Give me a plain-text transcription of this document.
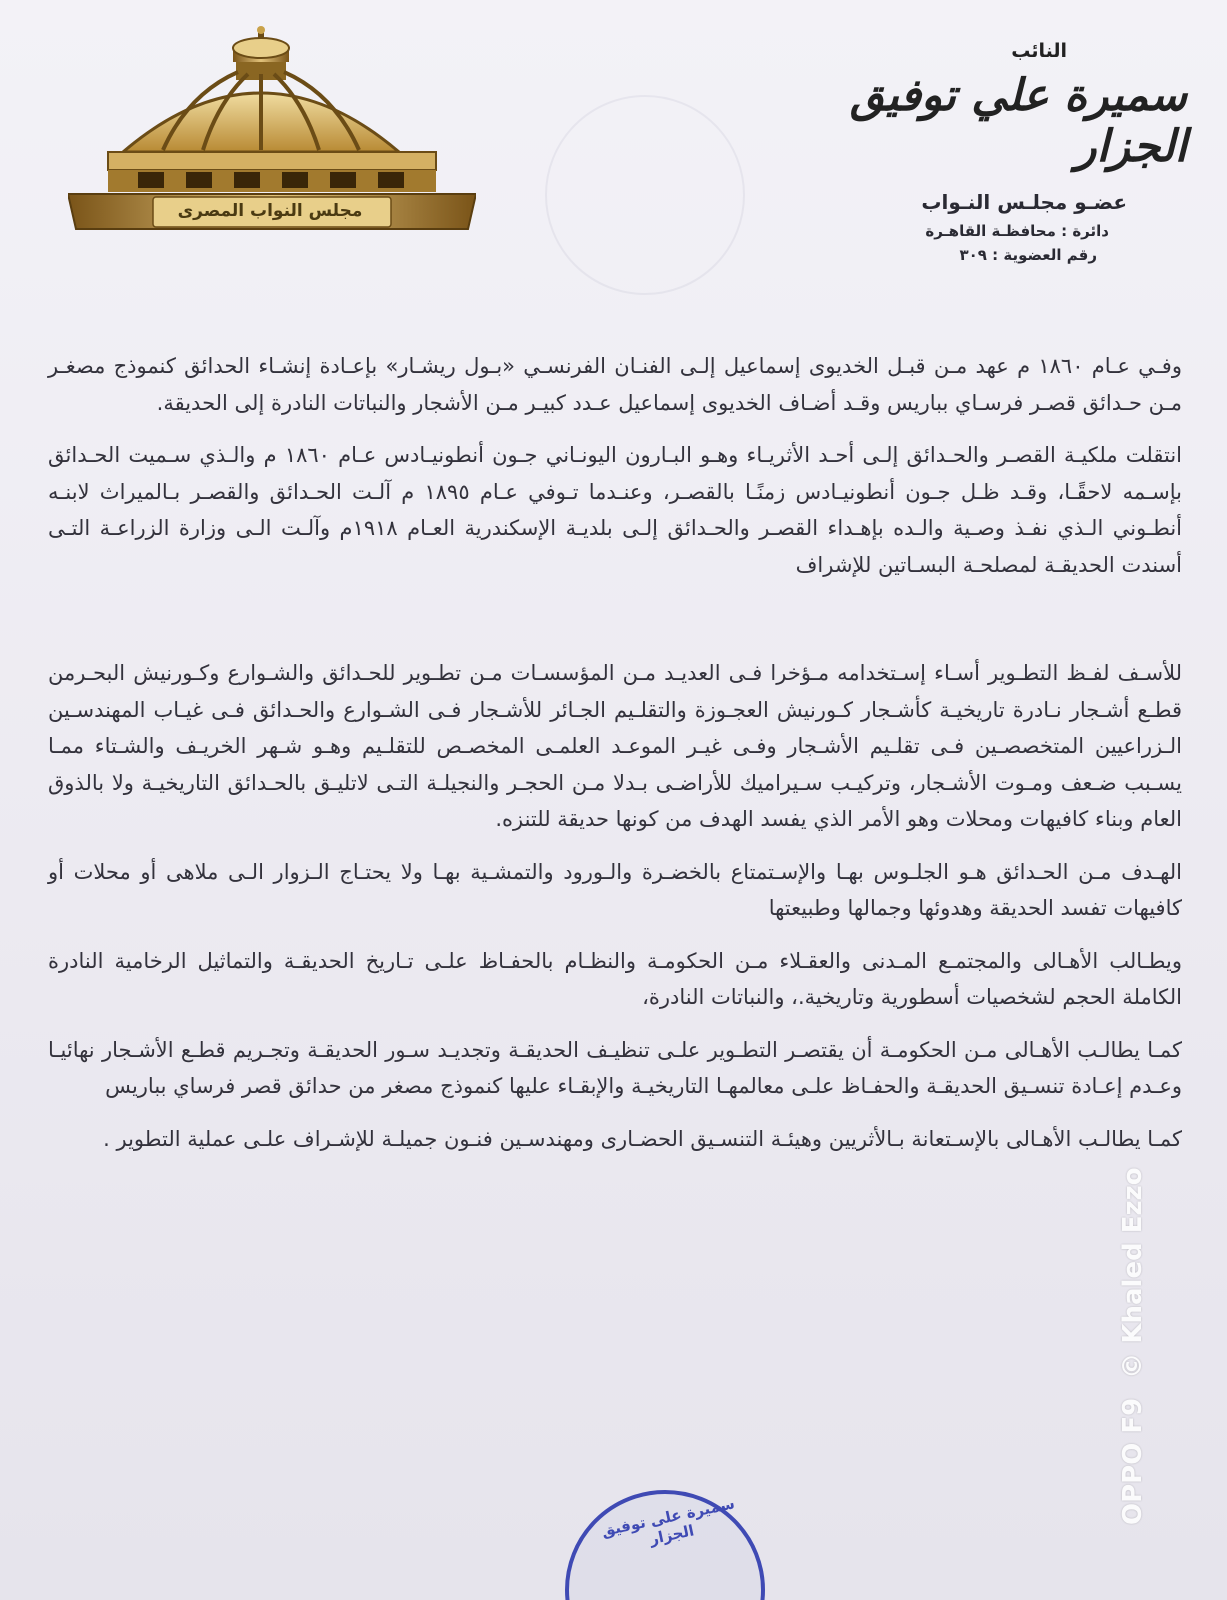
مجلس النواب المصرى
النائب
سميرة علي توفيق الجزار
عضـو مجلـس النـواب
دائرة : محافظـة القاهـرة
رقم العضوية : ٣٠٩

وفـي عـام ١٨٦٠ م عهد مـن قبـل الخديوى إسماعيل إلـى الفنـان الفرنسـي «بـول ريشـار» بإعـادة إنشـاء الحدائق كنموذج مصغـر مـن حـدائق قصـر فرسـاي بباريس وقـد أضـاف الخديوى إسماعيل عـدد كبيـر مـن الأشجار والنباتات النادرة إلى الحديقة.

انتقلت ملكيـة القصـر والحـدائق إلـى أحـد الأثريـاء وهـو البـارون اليونـاني جـون أنطونيـادس عـام ١٨٦٠ م والـذي سـميت الحـدائق بإسـمه لاحقًـا، وقـد ظـل جـون أنطونيـادس زمنًـا بالقصـر، وعنـدما تـوفي عـام ١٨٩٥ م آلـت الحـدائق والقصـر بـالميراث لابنـه أنطـوني الـذي نفـذ وصـية والـده بإهـداء القصـر والحـدائق إلـى بلديـة الإسكندرية العـام ١٩١٨م وآلـت الـى وزارة الزراعـة التـى أسندت الحديقـة لمصلحـة البسـاتين للإشراف

للأسـف لفـظ التطـوير أسـاء إسـتخدامه مـؤخرا فـى العديـد مـن المؤسسـات مـن تطـوير للحـدائق والشـوارع وكـورنيش البحـرمن قطـع أشـجار نـادرة تاريخيـة كأشـجار كـورنيش العجـوزة والتقلـيم الجـائر للأشـجار فـى الشـوارع والحـدائق فـى غيـاب المهندسـين الـزراعيين المتخصصـين فـى تقلـيم الأشـجار وفـى غيـر الموعـد العلمـى المخصـص للتقلـيم وهـو شـهر الخريـف والشـتاء ممـا يسـبب ضـعف ومـوت الأشـجار، وتركيـب سـيراميك للأراضـى بـدلا مـن الحجـر والنجيلـة التـى لاتليـق بالحـدائق التاريخيـة ولا بالذوق العام وبناء كافيهات ومحلات وهو الأمر الذي يفسد الهدف من كونها حديقة للتنزه.

الهـدف مـن الحـدائق هـو الجلـوس بهـا والإسـتمتاع بالخضـرة والـورود والتمشـية بهـا ولا يحتـاج الـزوار الـى ملاهى أو محلات أو كافيهات تفسد الحديقة وهدوئها وجمالها وطبيعتها

ويطـالب الأهـالى والمجتمـع المـدنى والعقـلاء مـن الحكومـة والنظـام بالحفـاظ علـى تـاريخ الحديقـة والتماثيل الرخامية النادرة الكاملة الحجم لشخصيات أسطورية وتاريخية.، والنباتات النادرة،

كمـا يطالـب الأهـالى مـن الحكومـة أن يقتصـر التطـوير علـى تنظيـف الحديقـة وتجديـد سـور الحديقـة وتجـريم قطـع الأشـجار نهائيـا وعـدم إعـادة تنسـيق الحديقـة والحفـاظ علـى معالمهـا التاريخيـة والإبقـاء عليها كنموذج مصغر من حدائق قصر فرساي بباريس

كمـا يطالـب الأهـالى بالإسـتعانة بـالأثريين وهيئـة التنسـيق الحضـارى ومهندسـين فنـون جميلـة للإشـراف علـى عملية التطوير .

سميرة على توفيق الجزار
OPPO F9 © Khaled Ezzo
